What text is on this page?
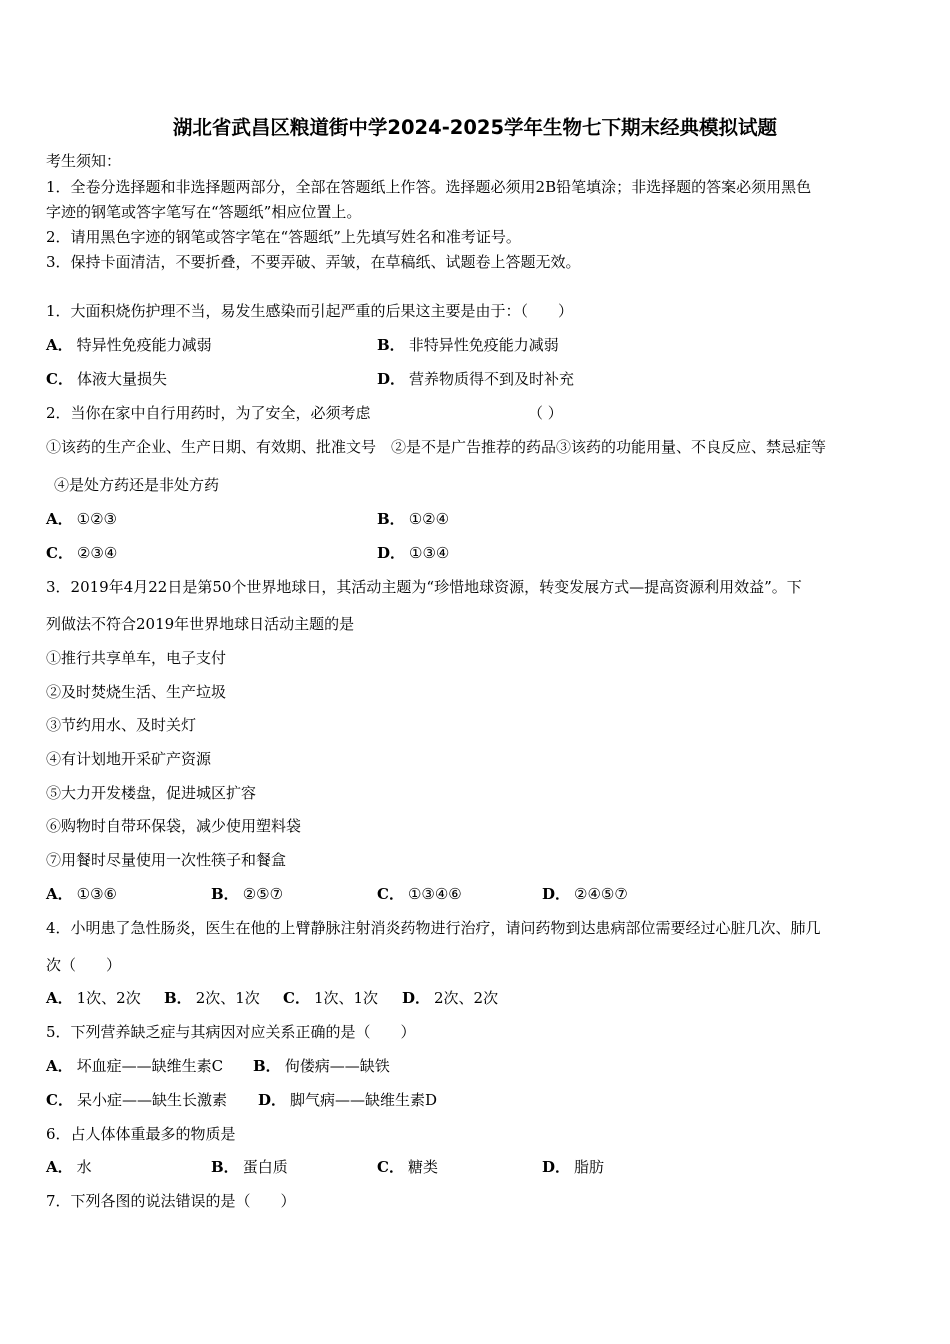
湖北省武昌区粮道街中学2024-2025学年生物七下期末经典模拟试题
考生须知：
1．全卷分选择题和非选择题两部分，全部在答题纸上作答。选择题必须用2B铅笔填涂；非选择题的答案必须用黑色
字迹的钢笔或答字笔写在“答题纸”相应位置上。
2．请用黑色字迹的钢笔或答字笔在“答题纸”上先填写姓名和准考证号。
3．保持卡面清洁，不要折叠，不要弄破、弄皱，在草稿纸、试题卷上答题无效。
1．大面积烧伤护理不当，易发生感染而引起严重的后果这主要是由于：（　　）
A． 特异性免疫能力减弱	B． 非特异性免疫能力减弱
C． 体液大量损失	D． 营养物质得不到及时补充
2．当你在家中自行用药时，为了安全，必须考虑	（ ）
①该药的生产企业、生产日期、有效期、批准文号　②是不是广告推荐的药品③该药的功能用量、不良反应、禁忌症等
④是处方药还是非处方药
A． ①②③	B． ①②④
C． ②③④	D． ①③④
3．2019年4月22日是第50个世界地球日，其活动主题为“珍惜地球资源，转变发展方式—提高资源利用效益”。下
列做法不符合2019年世界地球日活动主题的是
①推行共享单车，电子支付
②及时焚烧生活、生产垃圾
③节约用水、及时关灯
④有计划地开采矿产资源
⑤大力开发楼盘，促进城区扩容
⑥购物时自带环保袋，减少使用塑料袋
⑦用餐时尽量使用一次性筷子和餐盒
A． ①③⑥	B． ②⑤⑦	C． ①③④⑥	D． ②④⑤⑦
4．小明患了急性肠炎，医生在他的上臂静脉注射消炎药物进行治疗，请问药物到达患病部位需要经过心脏几次、肺几
次（　　）
A． 1次、2次 B． 2次、1次 C． 1次、1次 D． 2次、2次
5．下列营养缺乏症与其病因对应关系正确的是（　　）
A． 坏血症——缺维生素C B． 佝偻病——缺铁
C． 呆小症——缺生长激素 D． 脚气病——缺维生素D
6．占人体体重最多的物质是
A． 水	B． 蛋白质	C． 糖类	D． 脂肪
7．下列各图的说法错误的是（　　）
